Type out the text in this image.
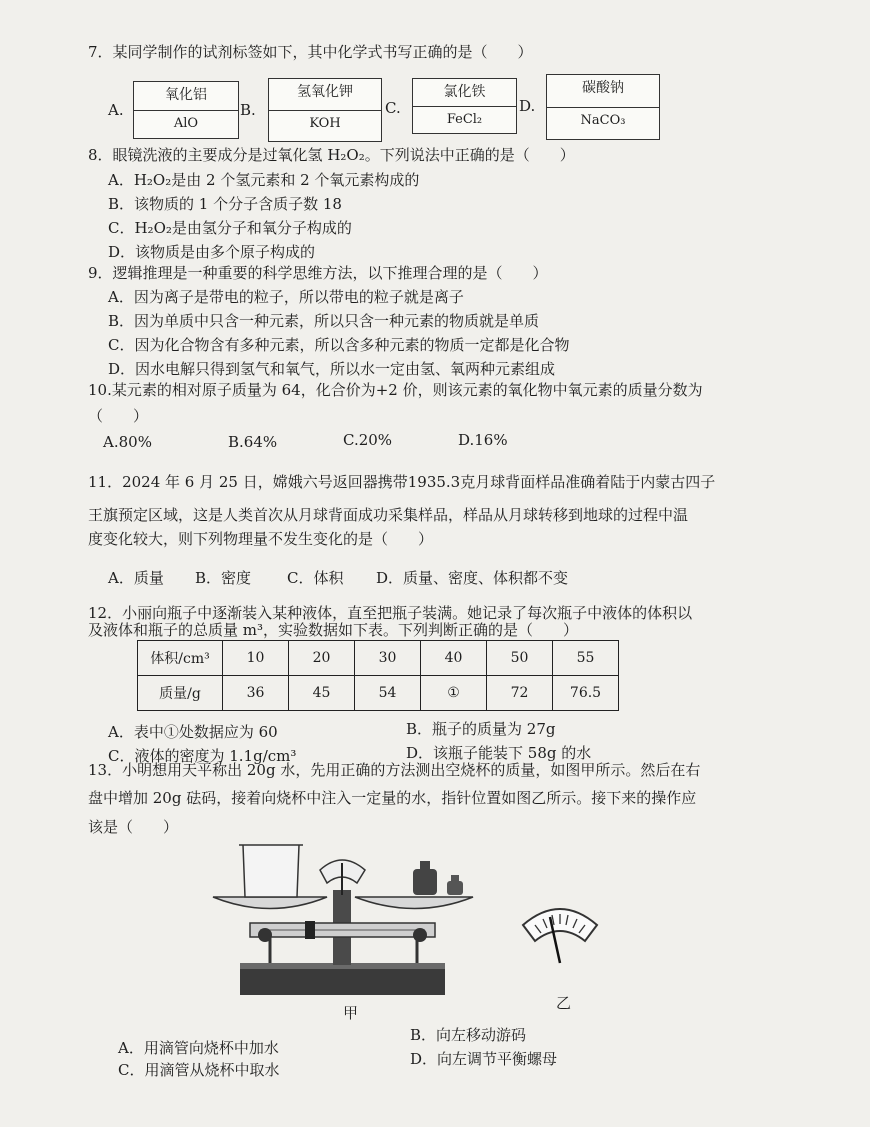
7．某同学制作的试剂标签如下，其中化学式书写正确的是（　　）
A.
氧化铝
AlO
B.
氢氧化钾
KOH
C.
氯化铁
FeCl₂
D.
碳酸钠
NaCO₃
8．眼镜洗液的主要成分是过氧化氢 H₂O₂。下列说法中正确的是（　　）
A．H₂O₂是由 2 个氢元素和 2 个氧元素构成的
B．该物质的 1 个分子含质子数 18
C．H₂O₂是由氢分子和氧分子构成的
D．该物质是由多个原子构成的
9．逻辑推理是一种重要的科学思维方法，以下推理合理的是（　　）
A．因为离子是带电的粒子，所以带电的粒子就是离子
B．因为单质中只含一种元素，所以只含一种元素的物质就是单质
C．因为化合物含有多种元素，所以含多种元素的物质一定都是化合物
D．因水电解只得到氢气和氧气，所以水一定由氢、氧两种元素组成
10.某元素的相对原子质量为 64，化合价为+2 价，则该元素的氧化物中氧元素的质量分数为
（　　）
A.80%	B.64%	C.20%	D.16%
11．2024 年 6 月 25 日，嫦娥六号返回器携带1935.3克月球背面样品准确着陆于内蒙古四子
王旗预定区域，这是人类首次从月球背面成功采集样品，样品从月球转移到地球的过程中温
度变化较大，则下列物理量不发生变化的是（　　）
A．质量 B．密度 C．体积 D．质量、密度、体积都不变
12．小丽向瓶子中逐渐装入某种液体，直至把瓶子装满。她记录了每次瓶子中液体的体积以
及液体和瓶子的总质量 m³，实验数据如下表。下列判断正确的是（　　）
体积/cm³	10	20	30	40	50	55
质量/g	36	45	54	①	72	76.5
A．表中①处数据应为 60	B．瓶子的质量为 27g
C．液体的密度为 1.1g/cm³	D．该瓶子能装下 58g 的水
13．小明想用天平称出 20g 水，先用正确的方法测出空烧杯的质量，如图甲所示。然后在右
盘中增加 20g 砝码，接着向烧杯中注入一定量的水，指针位置如图乙所示。接下来的操作应
该是（　　）
甲
乙
A．用滴管向烧杯中加水
B．向左移动游码
C．用滴管从烧杯中取水
D．向左调节平衡螺母
